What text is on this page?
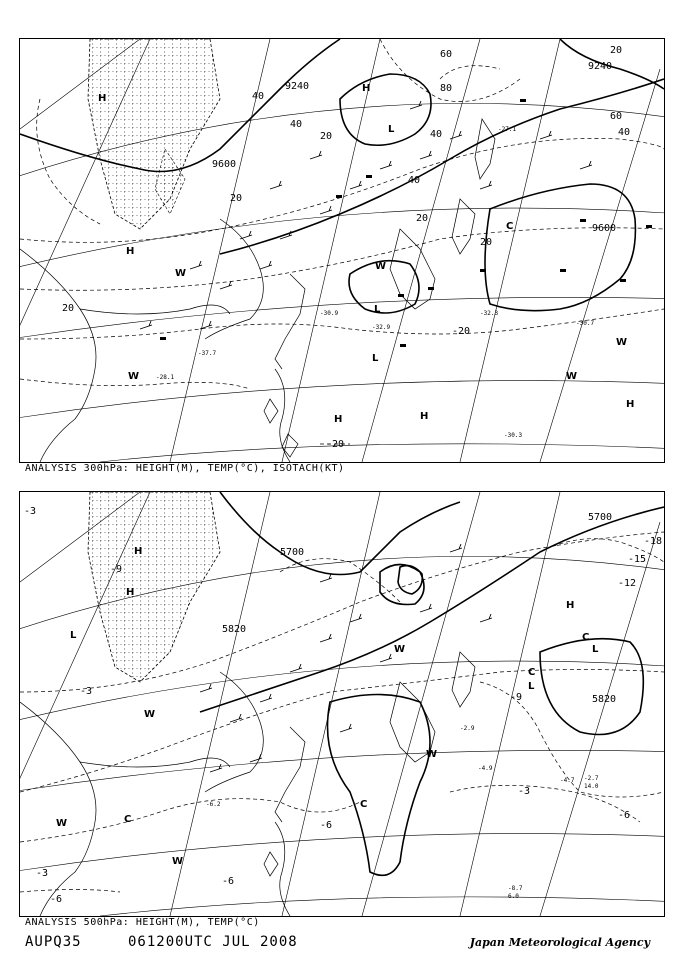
40
60
80
40
20	40
40
60
20
20
20
20
40
20
9240
9240
9600
9600
-20
-20
H
H
H
H	H
H
L
L
L
C
W
W
W
W
W
-30.7
-30.3
-32.3
-30.9
-27.1
-28.1
-32.9
-37.7
ANALYSIS 300hPa: HEIGHT(M), TEMP(°C), ISOTACH(KT)
5700
5700
5820
5820
-3
-18
-15
-12
-9
-3
-6
-6
-3
-6
-9
-3
-6
H
H
H
L
L
L
C
C
C
C
W
W
W
W
W
-4.7 -2.7
-8.7
-4.9
-2.9
-6.2
14.0
6.0
ANALYSIS 500hPa: HEIGHT(M), TEMP(°C)
AUPQ35	061200UTC JUL 2008	Japan Meteorological Agency
